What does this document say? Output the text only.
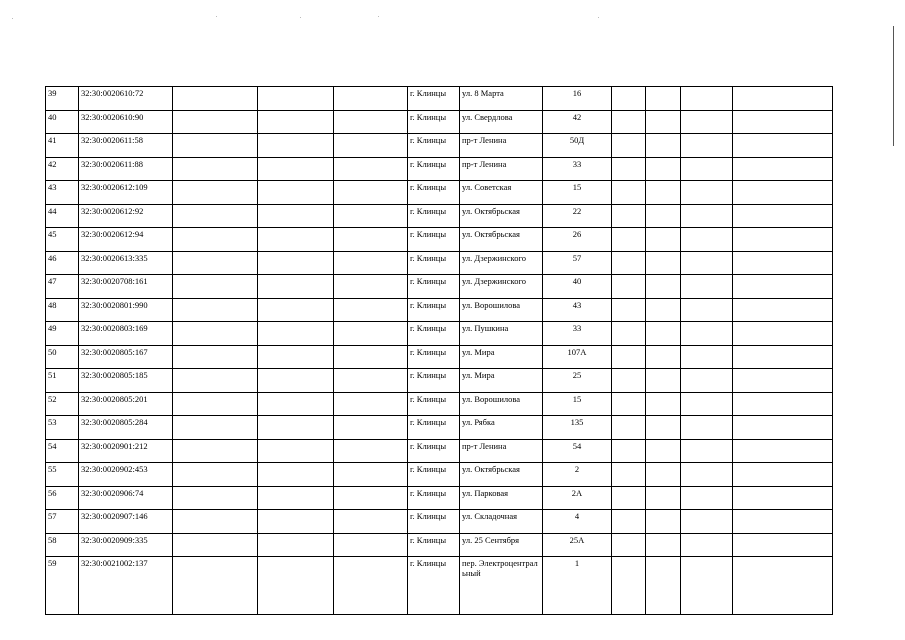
39	32:30:0020610:72				г. Клинцы	ул. 8 Марта	16				
40	32:30:0020610:90				г. Клинцы	ул. Свердлова	42				
41	32:30:0020611:58				г. Клинцы	пр-т Ленина	50Д				
42	32:30:0020611:88				г. Клинцы	пр-т Ленина	33				
43	32:30:0020612:109				г. Клинцы	ул. Советская	15				
44	32:30:0020612:92				г. Клинцы	ул. Октябрьская	22				
45	32:30:0020612:94				г. Клинцы	ул. Октябрьская	26				
46	32:30:0020613:335				г. Клинцы	ул. Дзержинского	57				
47	32:30:0020708:161				г. Клинцы	ул. Дзержинского	40				
48	32:30:0020801:990				г. Клинцы	ул. Ворошилова	43				
49	32:30:0020803:169				г. Клинцы	ул. Пушкина	33				
50	32:30:0020805:167				г. Клинцы	ул. Мира	107А				
51	32:30:0020805:185				г. Клинцы	ул. Мира	25				
52	32:30:0020805:201				г. Клинцы	ул. Ворошилова	15				
53	32:30:0020805:284				г. Клинцы	ул. Рябка	135				
54	32:30:0020901:212				г. Клинцы	пр-т Ленина	54				
55	32:30:0020902:453				г. Клинцы	ул. Октябрьская	2				
56	32:30:0020906:74				г. Клинцы	ул. Парковая	2А				
57	32:30:0020907:146				г. Клинцы	ул. Складочная	4				
58	32:30:0020909:335				г. Клинцы	ул. 25 Сентября	25А				
59	32:30:0021002:137				г. Клинцы	пер. Электроцентральный	1				
